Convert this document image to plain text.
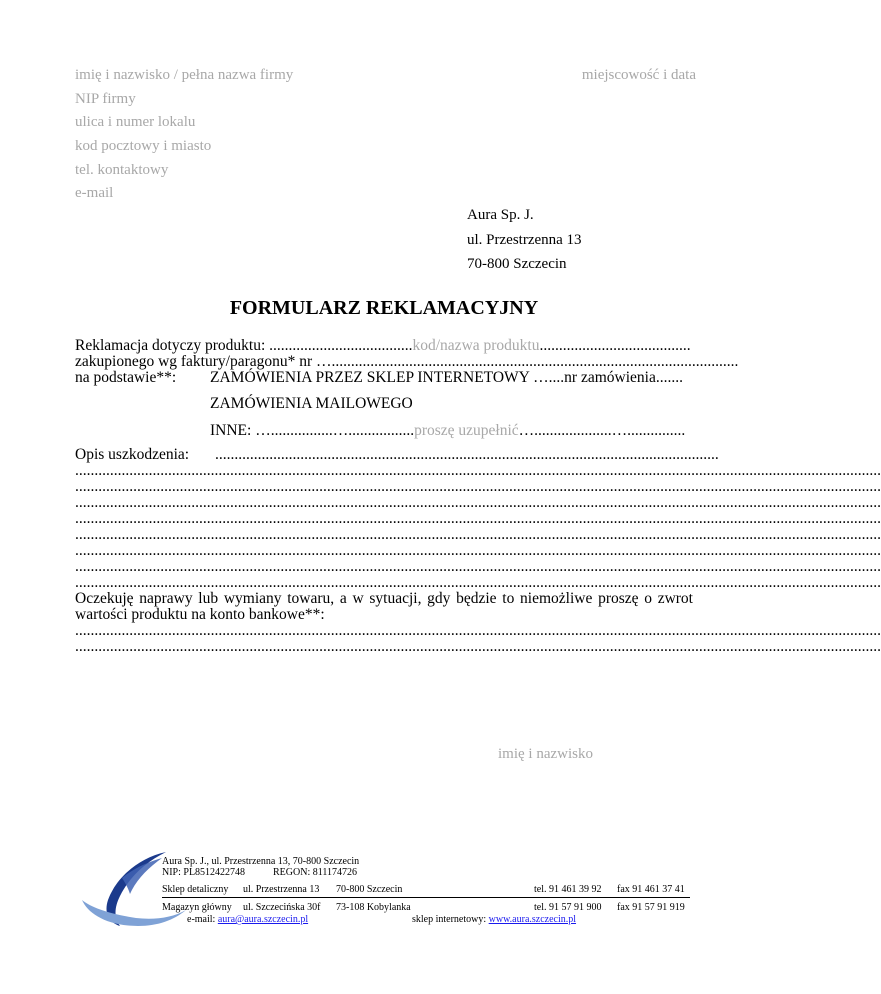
imię i nazwisko / pełna nazwa firmy	miejscowość i data
NIP firmy
ulica i numer lokalu
kod pocztowy i miasto
tel. kontaktowy
e-mail
Aura Sp. J.
ul. Przestrzenna 13
70-800 Szczecin
FORMULARZ REKLAMACYJNY
Reklamacja dotyczy produktu: .....................................kod/nazwa produktu.......................................
zakupionego wg faktury/paragonu* nr ….........................................................................................................
na podstawie**: ZAMÓWIENIA PRZEZ SKLEP INTERNETOWY …....nr zamówienia.......
ZAMÓWIENIA MAILOWEGO
INNE: …................….................proszę uzupełnić…....................…...............
Opis uszkodzenia: ..................................................................................................................................
................................................................................................................................................................................................................
................................................................................................................................................................................................................
................................................................................................................................................................................................................
................................................................................................................................................................................................................
................................................................................................................................................................................................................
................................................................................................................................................................................................................
................................................................................................................................................................................................................
................................................................................................................................................................................................................
Oczekuję naprawy lub wymiany towaru, a w sytuacji, gdy będzie to niemożliwe proszę o zwrot
wartości produktu na konto bankowe**:
................................................................................................................................................................................................................
................................................................................................................................................................................................................
imię i nazwisko
Aura Sp. J., ul. Przestrzenna 13, 70-800 Szczecin
NIP: PL8512422748	REGON: 811174726
Sklep detaliczny ul. Przestrzenna 13 70-800 Szczecin	tel. 91 461 39 92 fax 91 461 37 41
Magazyn główny ul. Szczecińska 30f 73-108 Kobylanka	tel. 91 57 91 900 fax 91 57 91 919
e-mail: aura@aura.szczecin.pl	sklep internetowy: www.aura.szczecin.pl
